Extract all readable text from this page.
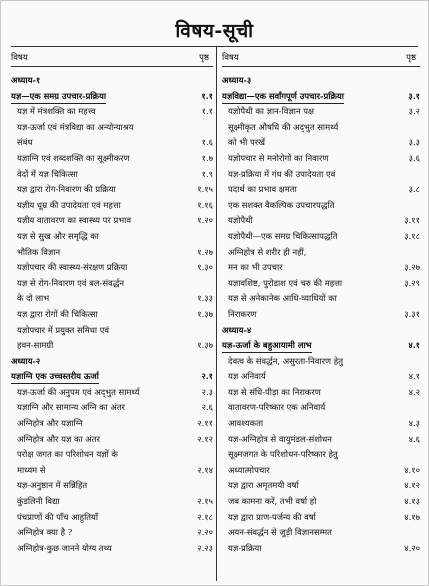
विषय-सूची
विषय	पृष्ठ
अध्याय-१
यज्ञ—एक समग्र उपचार-प्रक्रिया	१.१
यज्ञ में मंत्रशक्ति का महत्त्व	१.१
यज्ञ-ऊर्जा एवं मंत्रविद्या का अन्योन्याश्रय
संबंध	१.६
यज्ञाग्नि एवं शब्दशक्ति का सूक्ष्मीकरण	१.७
वेदों में यज्ञ चिकित्सा	१.९
यज्ञ द्वारा रोग-निवारण की प्रक्रिया	१.१५
यज्ञीय धूम्र की उपादेयता एवं महत्ता	१.१६
यज्ञीय वातावरण का स्वास्थ्य पर प्रभाव	१.२०
यज्ञ से सुख और समृद्धि का
भौतिक विज्ञान	१.२७
यज्ञोपचार की स्वास्थ्य-संरक्षण प्रक्रिया	१.३०
यज्ञ से रोग-निवारण एवं बल-संवर्द्धन
के दो लाभ	१.३३
यज्ञ द्वारा रोगों की चिकित्सा	१.३७
यज्ञोपचार में प्रयुक्त समिधा एवं
हवन-सामग्री	१.३७
अध्याय-२
यज्ञाग्नि एक उच्चस्तरीय ऊर्जा	२.१
यज्ञ-ऊर्जा की अनुपम एवं अद्‍भुत सामर्थ्य	२.३
यज्ञाग्नि और सामान्य अग्नि का अंतर	२.६
अग्निहोत्र और यज्ञाग्नि	२.११
अग्निहोत्र और यज्ञ का अंतर	२.१२
परोक्ष जगत का परिशोधन यज्ञों के
माध्यम से	२.१४
यज्ञ-अनुष्ठान में सन्निहित
कुंडलिनी विद्या	२.१५
पंचप्राणों की पाँच आहुतियाँ	२.१८
अग्निहोत्र क्या है ?	२.२०
अग्निहोत्र-कुछ जानने योग्य तथ्य	२.२३
विषय	पृष्ठ
अध्याय-३
यज्ञविद्या—एक सर्वांगपूर्ण उपचार-प्रक्रिया	३.१
यज्ञोपैथी का ज्ञान-विज्ञान पक्ष	३.२
सूक्ष्मीकृत औषधि की अद्‍भुत सामर्थ्य
को भी परखें	३.३
यज्ञोपचार से मनोरोगों का निवारण	३.६
यज्ञ-प्रक्रिया में गंध की उपादेयता एवं
पदार्थ का प्रभाव क्षमता	३.८
एक सशक्त वैकल्पिक उपचारपद्धति
यज्ञोपैथी	३.११
यज्ञोपैथी—एक समग्र चिकित्सापद्धति	३.१८
अग्निहोत्र से शरीर ही नहीं,
मन का भी उपचार	३.२७
यज्ञावशिष्ट, पुरोडाश एवं चरु की महत्ता	३.२९
यज्ञ से अनेकानेक आधि-व्याधियों का
निराकरण	३.३१
अध्याय-४
यज्ञ-ऊर्जा के बहुआयामी लाभ	४.१
देवत्व के संवर्द्धन, असुरता-निवारण हेतु
यज्ञ अनिवार्य	४.१
यज्ञ से संधि-पीड़ा का निराकरण	४.२
वातावरण-परिष्कार एक अनिवार्य
आवश्यकता	४.३
यज्ञ-अग्निहोत्र से वायुमंडल-संशोधन	४.६
सूक्ष्मजगत के परिशोधन-परिष्कार हेतु
अध्यात्मोपचार	४.१०
यज्ञ द्वारा अमृतमयी वर्षा	४.१२
जब कामना करें, तभी वर्षा हो	४.१३
यज्ञ द्वारा प्राण-पर्जन्य की वर्षा	४.१७
अयन-संवर्द्धन से जुड़ी विज्ञानसम्मत
यज्ञ-प्रक्रिया	४.२०
